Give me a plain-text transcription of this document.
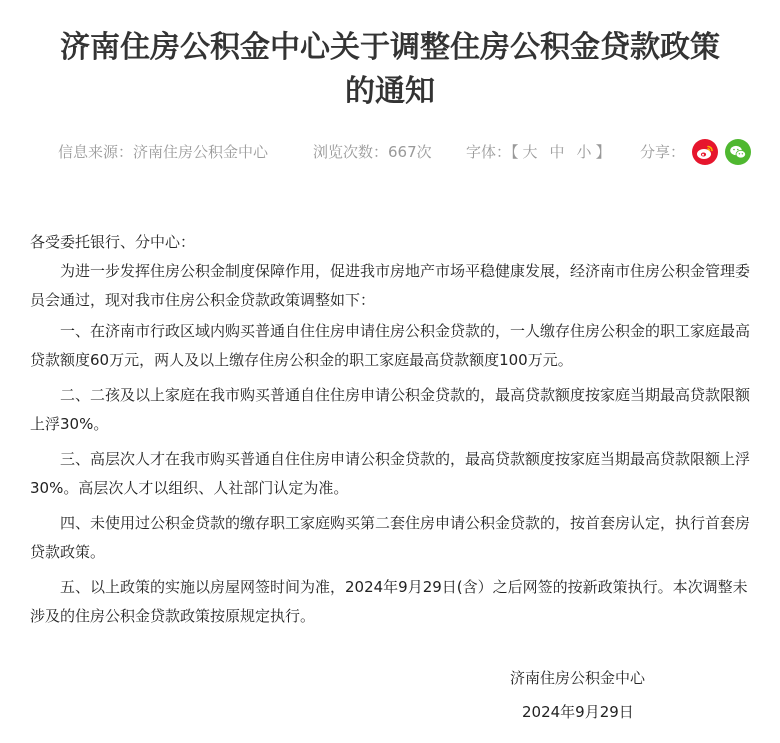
济南住房公积金中心关于调整住房公积金贷款政策
的通知
信息来源：济南住房公积金中心	浏览次数：667次 字体：【 大 中 小 】 分享：

各受委托银行、分中心：

为进一步发挥住房公积金制度保障作用，促进我市房地产市场平稳健康发展，经济南市住房公积金管理委员会通过，现对我市住房公积金贷款政策调整如下：

一、在济南市行政区域内购买普通自住住房申请住房公积金贷款的，一人缴存住房公积金的职工家庭最高贷款额度60万元，两人及以上缴存住房公积金的职工家庭最高贷款额度100万元。

二、二孩及以上家庭在我市购买普通自住住房申请公积金贷款的，最高贷款额度按家庭当期最高贷款限额上浮30%。

三、高层次人才在我市购买普通自住住房申请公积金贷款的，最高贷款额度按家庭当期最高贷款限额上浮30%。高层次人才以组织、人社部门认定为准。

四、未使用过公积金贷款的缴存职工家庭购买第二套住房申请公积金贷款的，按首套房认定，执行首套房贷款政策。

五、以上政策的实施以房屋网签时间为准，2024年9月29日(含）之后网签的按新政策执行。本次调整未涉及的住房公积金贷款政策按原规定执行。

济南住房公积金中心
2024年9月29日
